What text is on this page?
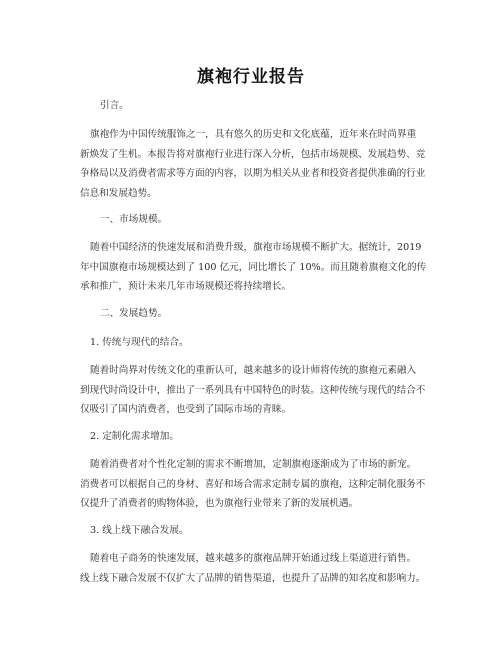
旗袍行业报告
引言。
旗袍作为中国传统服饰之一，具有悠久的历史和文化底蕴，近年来在时尚界重
新焕发了生机。本报告将对旗袍行业进行深入分析，包括市场规模、发展趋势、竞
争格局以及消费者需求等方面的内容，以期为相关从业者和投资者提供准确的行业
信息和发展趋势。
一、市场规模。
随着中国经济的快速发展和消费升级，旗袍市场规模不断扩大。据统计，2019
年中国旗袍市场规模达到了 100 亿元，同比增长了 10%。而且随着旗袍文化的传
承和推广，预计未来几年市场规模还将持续增长。
二、发展趋势。
1. 传统与现代的结合。
随着时尚界对传统文化的重新认可，越来越多的设计师将传统的旗袍元素融入
到现代时尚设计中，推出了一系列具有中国特色的时装。这种传统与现代的结合不
仅吸引了国内消费者，也受到了国际市场的青睐。
2. 定制化需求增加。
随着消费者对个性化定制的需求不断增加，定制旗袍逐渐成为了市场的新宠。
消费者可以根据自己的身材、喜好和场合需求定制专属的旗袍，这种定制化服务不
仅提升了消费者的购物体验，也为旗袍行业带来了新的发展机遇。
3. 线上线下融合发展。
随着电子商务的快速发展，越来越多的旗袍品牌开始通过线上渠道进行销售。
线上线下融合发展不仅扩大了品牌的销售渠道，也提升了品牌的知名度和影响力。
